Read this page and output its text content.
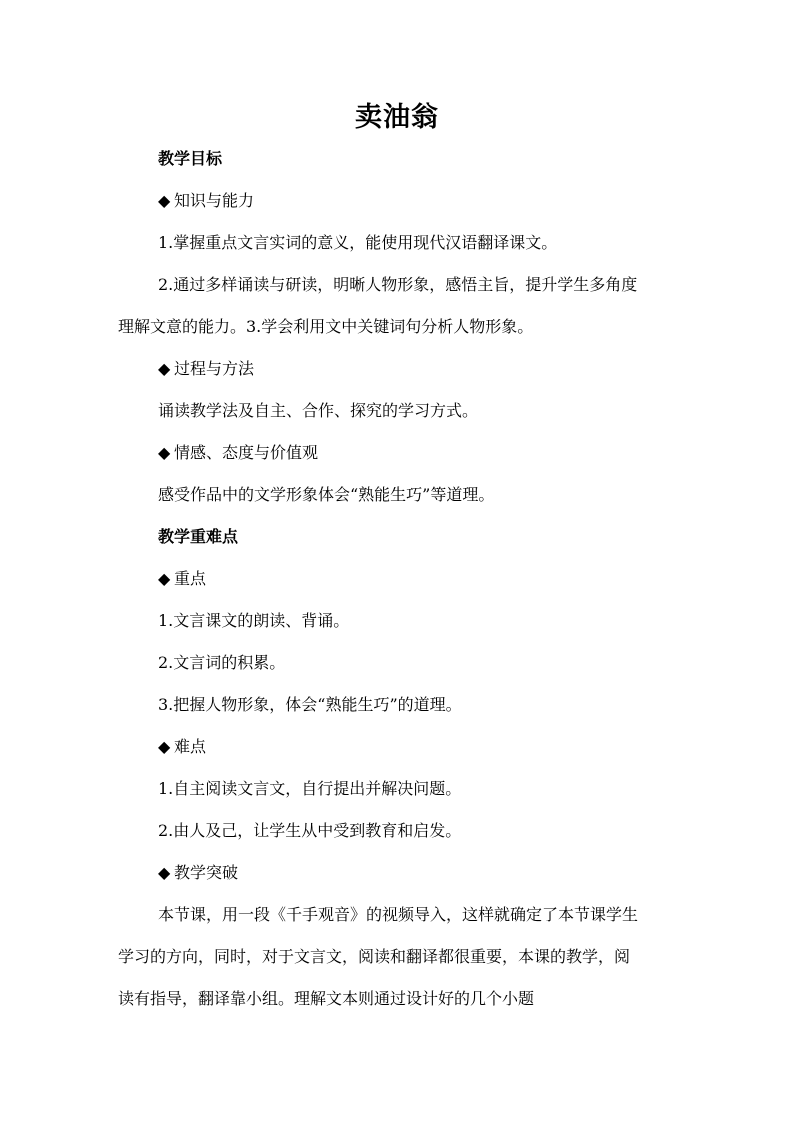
卖油翁
教学目标
◆ 知识与能力
1.掌握重点文言实词的意义，能使用现代汉语翻译课文。
2.通过多样诵读与研读，明晰人物形象，感悟主旨，提升学生多角度
理解文意的能力。3.学会利用文中关键词句分析人物形象。
◆ 过程与方法
诵读教学法及自主、合作、探究的学习方式。
◆ 情感、态度与价值观
感受作品中的文学形象体会“熟能生巧”等道理。
教学重难点
◆ 重点
1.文言课文的朗读、背诵。
2.文言词的积累。
3.把握人物形象，体会“熟能生巧”的道理。
◆ 难点
1.自主阅读文言文，自行提出并解决问题。
2.由人及己，让学生从中受到教育和启发。
◆ 教学突破
本节课，用一段《千手观音》的视频导入，这样就确定了本节课学生
学习的方向，同时，对于文言文，阅读和翻译都很重要，本课的教学，阅
读有指导，翻译靠小组。理解文本则通过设计好的几个小题
